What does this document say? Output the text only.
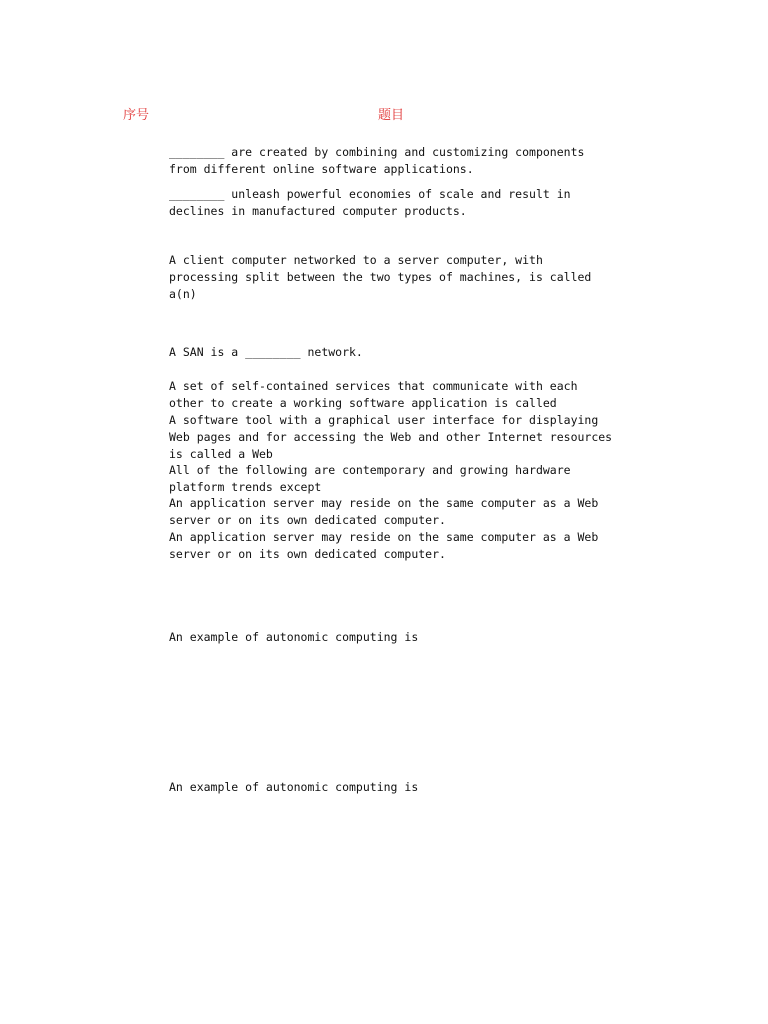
序号	题目

________ are created by combining and customizing components
from different online software applications.

________ unleash powerful economies of scale and result in
declines in manufactured computer products.

A client computer networked to a server computer, with
processing split between the two types of machines, is called
a(n)

A SAN is a ________ network.

A set of self-contained services that communicate with each
other to create a working software application is called

A software tool with a graphical user interface for displaying
Web pages and for accessing the Web and other Internet resources
is called a Web

All of the following are contemporary and growing hardware
platform trends except

An application server may reside on the same computer as a Web
server or on its own dedicated computer.

An application server may reside on the same computer as a Web
server or on its own dedicated computer.

An example of autonomic computing is

An example of autonomic computing is
